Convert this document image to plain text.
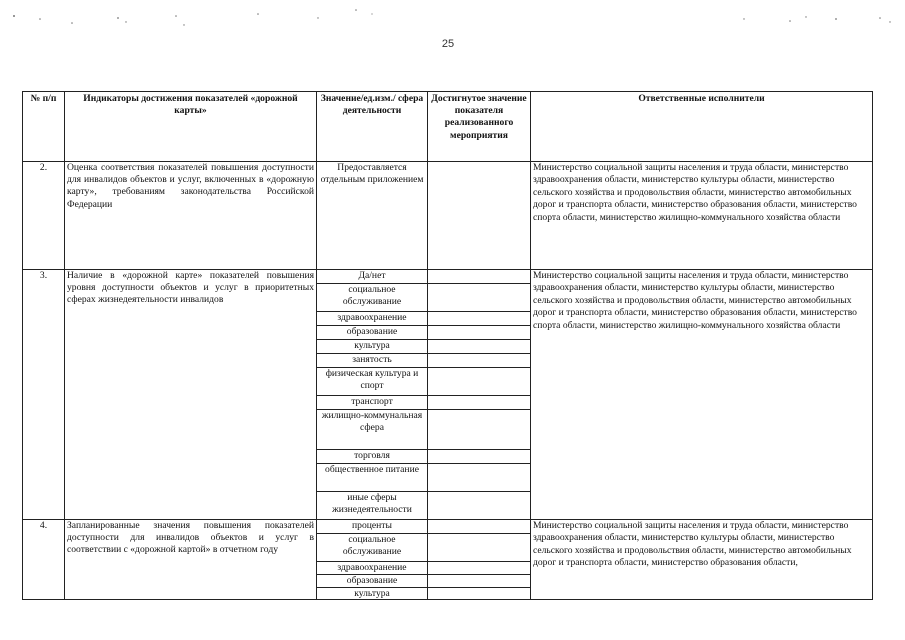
25
№ п/п	Индикаторы достижения показателей «дорожной карты»	Значение/ед.изм./ сфера деятельности	Достигнутое значение показателя реализованного мероприятия	Ответственные исполнители
2.	Оценка соответствия показателей повышения доступности для инвалидов объектов и услуг, включенных в «дорожную карту», требованиям законодательства Российской Федерации	Предоставляется отдельным приложением		Министерство социальной защиты населения и труда области, министерство здравоохранения области, министерство культуры области, министерство сельского хозяйства и продовольствия области, министерство автомобильных дорог и транспорта области, министерство образования области, министерство спорта области, министерство жилищно-коммунального хозяйства области
3.	Наличие в «дорожной карте» показателей повышения уровня доступности объектов и услуг в приоритетных сферах жизнедеятельности инвалидов	Да/нет		Министерство социальной защиты населения и труда области, министерство здравоохранения области, министерство культуры области, министерство сельского хозяйства и продовольствия области, министерство автомобильных дорог и транспорта области, министерство образования области, министерство спорта области, министерство жилищно-коммунального хозяйства области
		социальное обслуживание		
		здравоохранение		
		образование		
		культура		
		занятость		
		физическая культура и спорт		
		транспорт		
		жилищно-коммунальная сфера		
		торговля		
		общественное питание		
		иные сферы жизнедеятельности		
4.	Запланированные значения повышения показателей доступности для инвалидов объектов и услуг в соответствии с «дорожной картой» в отчетном году	проценты		Министерство социальной защиты населения и труда области, министерство здравоохранения области, министерство культуры области, министерство сельского хозяйства и продовольствия области, министерство автомобильных дорог и транспорта области, министерство образования области,
		социальное обслуживание		
		здравоохранение		
		образование		
		культура		
